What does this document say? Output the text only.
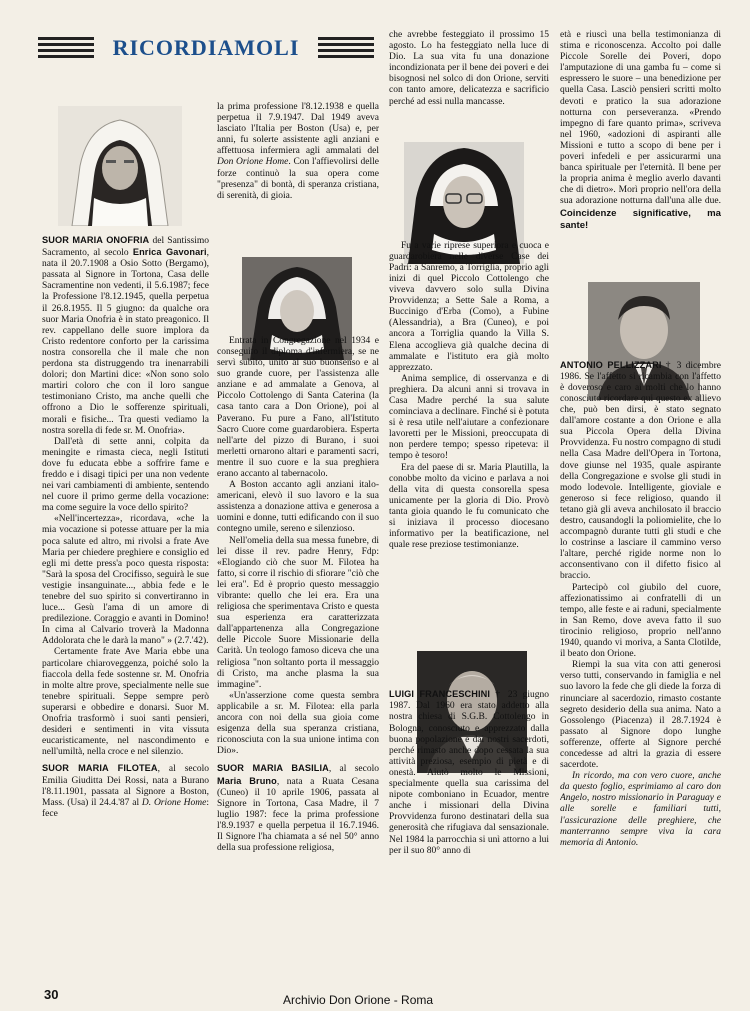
RICORDIAMOLI

SUOR MARIA ONOFRIA del Santissimo Sacramento, al secolo Enrica Gavonari, nata il 20.7.1908 a Osio Sotto (Bergamo), passata al Signore in Tortona, Casa delle Sacramentine non vedenti, il 5.6.1987; fece la Professione l'8.12.1945, quella perpetua il 26.8.1955. Il 5 giugno: da qualche ora suor Maria Onofria è in stato preagonico. Il rev. cappellano delle suore implora da Cristo redentore conforto per la carissima nostra consorella che il male che non perdona sta distruggendo tra inenarrabili dolori; don Martini dice: «Non sono solo martiri coloro che con il loro sangue testimoniano Cristo, ma anche quelli che offrono a Dio le sofferenze spirituali, morali e fisiche... Tra questi vediamo la nostra sorella di fede sr. M. Onofria».

Dall'età di sette anni, colpita da meningite e rimasta cieca, negli Istituti dove fu educata ebbe a soffrire fame e freddo e i disagi tipici per una non vedente nei vari cambiamenti di ambiente, sentendo nel cuore il primo germe della vocazione: ma come seguire la voce dello spirito?

«Nell'incertezza», ricordava, «che la mia vocazione si potesse attuare per la mia poca salute ed altro, mi rivolsi a frate Ave Maria per chiedere preghiere e consiglio ed egli mi dette press'a poco questa risposta: "Sarà la sposa del Crocifisso, seguirà le sue vestigie insanguinate..., abbia fede e le tenebre del suo spirito si convertiranno in luce... Gesù l'ama di un amore di predilezione. Coraggio e avanti in Domino! In cima al Calvario troverà la Madonna Addolorata che le darà la mano" » (2.7.'42).

Certamente frate Ave Maria ebbe una particolare chiaroveggenza, poiché solo la fiaccola della fede sostenne sr. M. Onofria in molte altre prove, specialmente nelle sue tenebre spirituali. Seppe sempre però superarsi e obbedire e donarsi. Suor M. Onofria trasformò i suoi santi pensieri, desideri e sentimenti in vita vissuta eucaristicamente, nel nascondimento e nell'umiltà, nella croce e nel silenzio.

SUOR MARIA FILOTEA, al secolo Emilia Giuditta Dei Rossi, nata a Burano l'8.11.1901, passata al Signore a Boston, Mass. (Usa) il 24.4.'87 al D. Orione Home: fece

la prima professione l'8.12.1938 e quella perpetua il 7.9.1947. Dal 1949 aveva lasciato l'Italia per Boston (Usa) e, per anni, fu solerte assistente agli anziani e affettuosa infermiera agli ammalati del Don Orione Home. Con l'affievolirsi delle forze continuò la sua opera come "presenza" di bontà, di speranza cristiana, di serenità, di gioia.

Entrata in Congregazione nel 1934 e conseguito il diploma d'infermiera, se ne servì subito, unito al suo buonsenso e al suo grande cuore, per l'assistenza alle anziane e ad ammalate a Genova, al Piccolo Cottolengo di Santa Caterina (la casa tanto cara a Don Orione), poi al Paverano. Fu pure a Fano, all'Istituto Sacro Cuore come guardarobiera. Esperta nell'arte del pizzo di Burano, i suoi merletti ornarono altari e paramenti sacri, mentre il suo cuore e la sua preghiera erano accanto al tabernacolo.

A Boston accanto agli anziani italo-americani, elevò il suo lavoro e la sua assistenza a donazione attiva e generosa a uomini e donne, tutti edificando con il suo contegno umile, sereno e silenzioso.

Nell'omelia della sua messa funebre, di lei disse il rev. padre Henry, Fdp: «Elogiando ciò che suor M. Filotea ha fatto, si corre il rischio di sfiorare "ciò che lei era". Ed è proprio questo messaggio vibrante: quello che lei era. Era una religiosa che sperimentava Cristo e questa sua esperienza era caratterizzata dall'appartenenza alla Congregazione delle Piccole Suore Missionarie della Carità. Un teologo famoso diceva che una religiosa "non soltanto porta il messaggio di Cristo, ma anche plasma la sua immagine".

«Un'asserzione come questa sembra applicabile a sr. M. Filotea: ella parla ancora con noi della sua gioia come esigenza della sua speranza cristiana, riconosciuta con la sua unione intima con Dio».

SUOR MARIA BASILIA, al secolo Maria Bruno, nata a Ruata Cesana (Cuneo) il 10 aprile 1906, passata al Signore in Tortona, Casa Madre, il 7 luglio 1987: fece la prima professione l'8.9.1937 e quella perpetua il 16.7.1946. Il Signore l'ha chiamata a sé nel 50° anno della sua professione religiosa,

che avrebbe festeggiato il prossimo 15 agosto. Lo ha festeggiato nella luce di Dio. La sua vita fu una donazione incondizionata per il bene dei poveri e dei bisognosi nel solco di don Orione, serviti con tanto amore, delicatezza e sacrificio perché ad essi nulla mancasse.

Fu a varie riprese superiora e cuoca e guardarobiera nelle diverse Case dei Padri: a Sanremo, a Torriglia, proprio agli inizi di quel Piccolo Cottolengo che viveva davvero solo sulla Divina Provvidenza; a Sette Sale a Roma, a Buccinigo d'Erba (Como), a Fubine (Alessandria), a Bra (Cuneo), e poi ancora a Torriglia quando la Villa S. Elena accoglieva già qualche decina di ammalate e l'istituto era già molto apprezzato.

Anima semplice, di osservanza e di preghiera. Da alcuni anni si trovava in Casa Madre perché la sua salute cominciava a declinare. Finché si è potuta si è resa utile nell'aiutare a confezionare lavoretti per le Missioni, preoccupata di non perdere tempo; spesso ripeteva: il tempo è tesoro!

Era del paese di sr. Maria Plautilla, la conobbe molto da vicino e parlava a noi della vita di questa consorella spesa unicamente per la gloria di Dio. Provò tanta gioia quando le fu comunicato che si iniziava il processo diocesano informativo per la beatificazione, nel quale rese preziose testimonianze.

LUIGI FRANCESCHINI † 23 giugno 1987. Dal 1960 era stato addetto alla nostra chiesa di S.G.B. Cottolengo in Bologna, conosciuto e apprezzato dalla buona popolazione e dai nostri sacerdoti, perché rimasto anche dopo cessata la sua attività preziosa, esempio di pietà e di onestà. Aiutò molto le Missioni, specialmente quella sua carissima del nipote comboniano in Ecuador, mentre anche i missionari della Divina Provvidenza furono destinatari della sua generosità che rifugiava dal sensazionale. Nel 1984 la parrocchia si unì attorno a lui per il suo 80° anno di

età e riuscì una bella testimonianza di stima e riconoscenza. Accolto poi dalle Piccole Sorelle dei Poveri, dopo l'amputazione di una gamba fu – come si espressero le suore – una benedizione per quella Casa. Lasciò pensieri scritti molto devoti e pratico la sua adorazione notturna con perseveranza. «Prendo impegno di fare quanto prima», scriveva nel 1960, «adozioni di aspiranti alle Missioni e tutto a scopo di bene per i poveri infedeli e per assicurarmi una banca spirituale per l'eternità. Il bene per la propria anima è meglio averlo davanti che di dietro». Morì proprio nell'ora della sua adorazione notturna dall'una alle due. Coincidenze significative, ma sante!

ANTONIO PELLIZZARI † 3 dicembre 1986. Se l'affetto si ricambia con l'affetto è doveroso e caro ai molti che lo hanno conosciuto ricordare qui questo ex allievo che, può ben dirsi, è stato segnato dall'amore costante a don Orione e alla sua Piccola Opera della Divina Provvidenza. Fu nostro compagno di studi nella Casa Madre dell'Opera in Tortona, dove giunse nel 1935, quale aspirante della Congregazione e svolse gli studi in modo lodevole. Intelligente, gioviale e generoso si fece religioso, quando il tetano già gli aveva anchilosato il braccio destro, causandogli la poliomielite, che lo accompagnò durante tutti gli studi e che lo costrinse a lasciare il cammino verso l'altare, perché rigide norme non lo acconsentivano con il difetto fisico al braccio.

Partecipò col giubilo del cuore, affezionatissimo ai confratelli di un tempo, alle feste e ai raduni, specialmente in San Remo, dove aveva fatto il suo tirocinio religioso, proprio nell'anno 1940, quando vi moriva, a Santa Clotilde, il beato don Orione.

Riempì la sua vita con atti generosi verso tutti, conservando in famiglia e nel suo lavoro la fede che gli diede la forza di rinunciare al sacerdozio, rimasto costante segreto desiderio della sua anima. Nato a Gossolengo (Piacenza) il 28.7.1924 è passato al Signore dopo lunghe sofferenze, offerte al Signore perché concedesse ad altri la grazia di essere sacerdote.

In ricordo, ma con vero cuore, anche da questo foglio, esprimiamo al caro don Angelo, nostro missionario in Paraguay e alle sorelle e familiari tutti, l'assicurazione delle preghiere, che manterranno sempre viva la cara memoria di Antonio.

30	Archivio Don Orione - Roma
